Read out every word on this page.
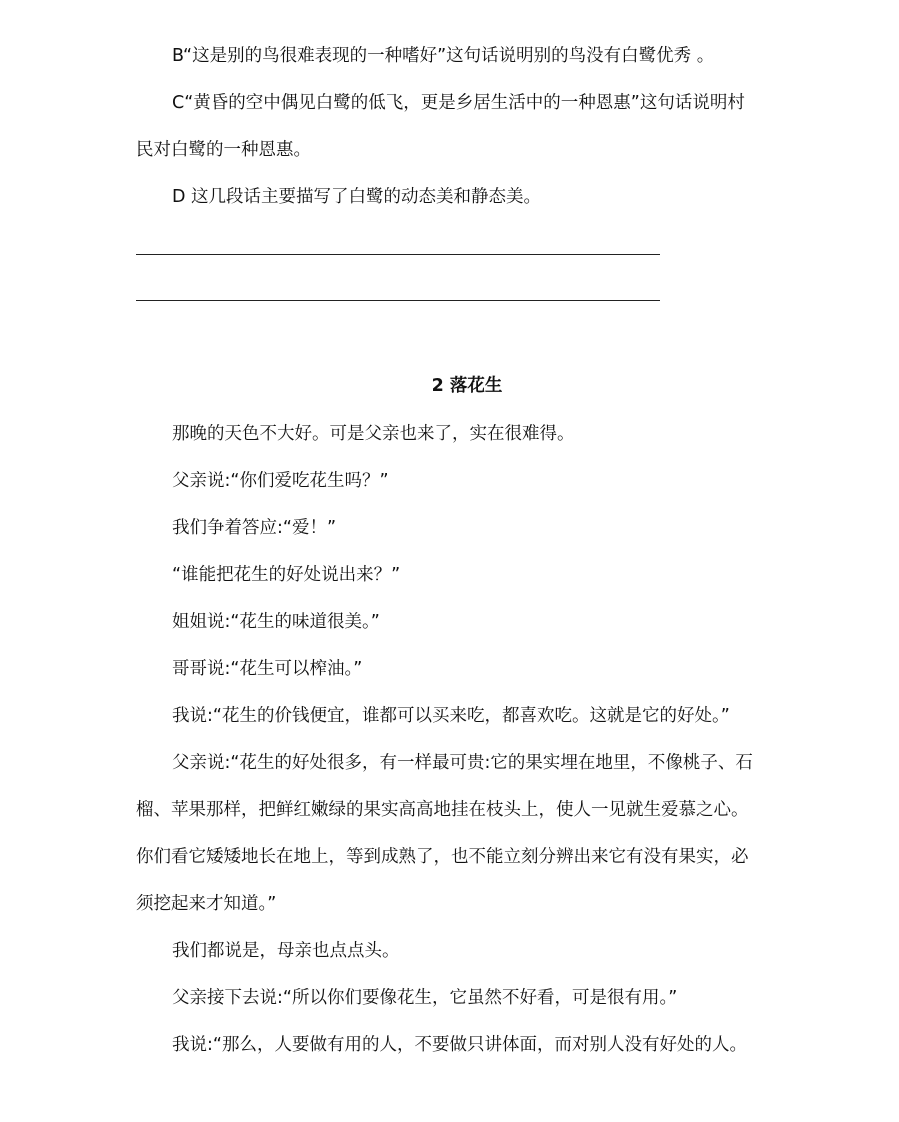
B“这是别的鸟很难表现的一种嗜好”这句话说明别的鸟没有白鹭优秀 。

C“黄昏的空中偶见白鹭的低飞，更是乡居生活中的一种恩惠”这句话说明村

民对白鹭的一种恩惠。

D 这几段话主要描写了白鹭的动态美和静态美。

2 落花生

那晚的天色不大好。可是父亲也来了，实在很难得。

父亲说:“你们爱吃花生吗？”

我们争着答应:“爱！”

“谁能把花生的好处说出来？”

姐姐说:“花生的味道很美。”

哥哥说:“花生可以榨油。”

我说:“花生的价钱便宜，谁都可以买来吃，都喜欢吃。这就是它的好处。”

父亲说:“花生的好处很多，有一样最可贵:它的果实埋在地里，不像桃子、石

榴、苹果那样，把鲜红嫩绿的果实高高地挂在枝头上，使人一见就生爱慕之心。

你们看它矮矮地长在地上，等到成熟了，也不能立刻分辨出来它有没有果实，必

须挖起来才知道。”

我们都说是，母亲也点点头。

父亲接下去说:“所以你们要像花生，它虽然不好看，可是很有用。”

我说:“那么，人要做有用的人，不要做只讲体面，而对别人没有好处的人。
